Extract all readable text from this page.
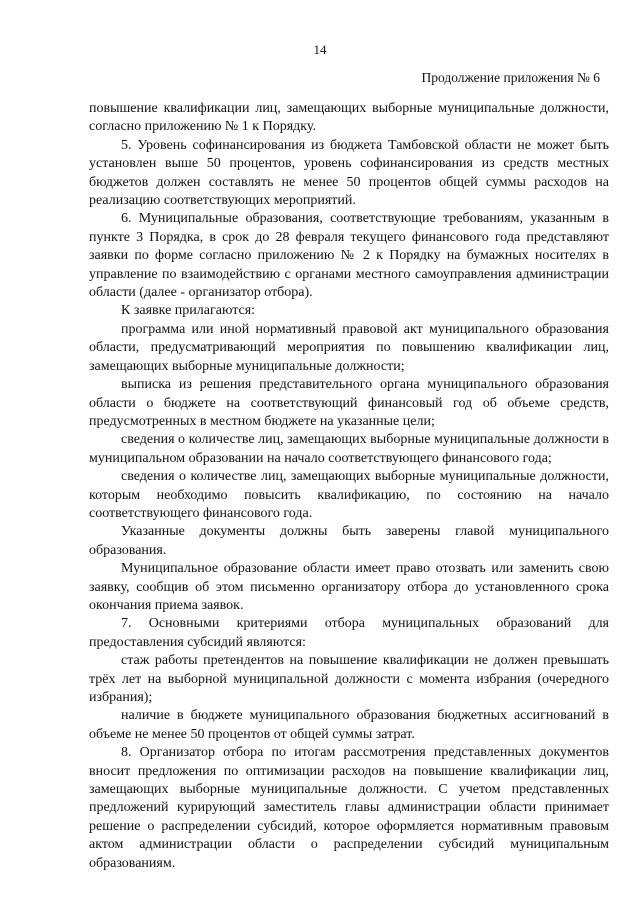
14
Продолжение приложения № 6

повышение квалификации лиц, замещающих выборные муниципальные должности, согласно приложению № 1 к Порядку.

5. Уровень софинансирования из бюджета Тамбовской области не может быть установлен выше 50 процентов, уровень софинансирования из средств местных бюджетов должен составлять не менее 50 процентов общей суммы расходов на реализацию соответствующих мероприятий.

6. Муниципальные образования, соответствующие требованиям, указанным в пункте 3 Порядка, в срок до 28 февраля текущего финансового года представляют заявки по форме согласно приложению № 2 к Порядку на бумажных носителях в управление по взаимодействию с органами местного самоуправления администрации области (далее - организатор отбора).

К заявке прилагаются:

программа или иной нормативный правовой акт муниципального образования области, предусматривающий мероприятия по повышению квалификации лиц, замещающих выборные муниципальные должности;

выписка из решения представительного органа муниципального образования области о бюджете на соответствующий финансовый год об объеме средств, предусмотренных в местном бюджете на указанные цели;

сведения о количестве лиц, замещающих выборные муниципальные должности в муниципальном образовании на начало соответствующего финансового года;

сведения о количестве лиц, замещающих выборные муниципальные должности, которым необходимо повысить квалификацию, по состоянию на начало соответствующего финансового года.

Указанные документы должны быть заверены главой муниципального образования.

Муниципальное образование области имеет право отозвать или заменить свою заявку, сообщив об этом письменно организатору отбора до установленного срока окончания приема заявок.

7. Основными критериями отбора муниципальных образований для предоставления субсидий являются:

стаж работы претендентов на повышение квалификации не должен превышать трёх лет на выборной муниципальной должности с момента избрания (очередного избрания);

наличие в бюджете муниципального образования бюджетных ассигнований в объеме не менее 50 процентов от общей суммы затрат.

8. Организатор отбора по итогам рассмотрения представленных документов вносит предложения по оптимизации расходов на повышение квалификации лиц, замещающих выборные муниципальные должности. С учетом представленных предложений курирующий заместитель главы администрации области принимает решение о распределении субсидий, которое оформляется нормативным правовым актом администрации области о распределении субсидий муниципальным образованиям.
